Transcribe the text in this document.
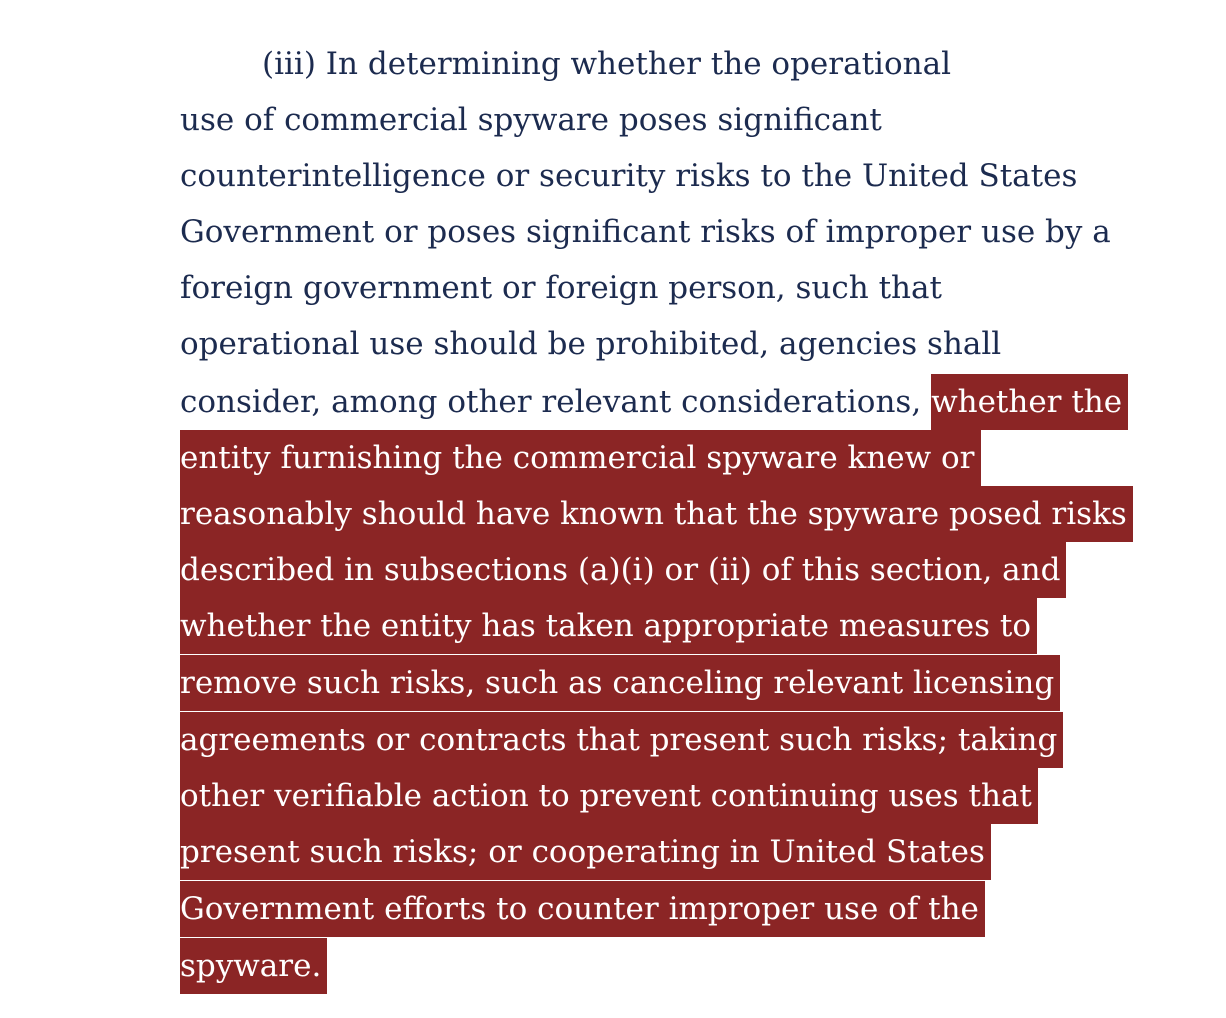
(iii) In determining whether the operational
use of commercial spyware poses significant
counterintelligence or security risks to the United States
Government or poses significant risks of improper use by a
foreign government or foreign person, such that
operational use should be prohibited, agencies shall
consider, among other relevant considerations, whether the
entity furnishing the commercial spyware knew or
reasonably should have known that the spyware posed risks
described in subsections (a)(i) or (ii) of this section, and
whether the entity has taken appropriate measures to
remove such risks, such as canceling relevant licensing
agreements or contracts that present such risks; taking
other verifiable action to prevent continuing uses that
present such risks; or cooperating in United States
Government efforts to counter improper use of the
spyware.
